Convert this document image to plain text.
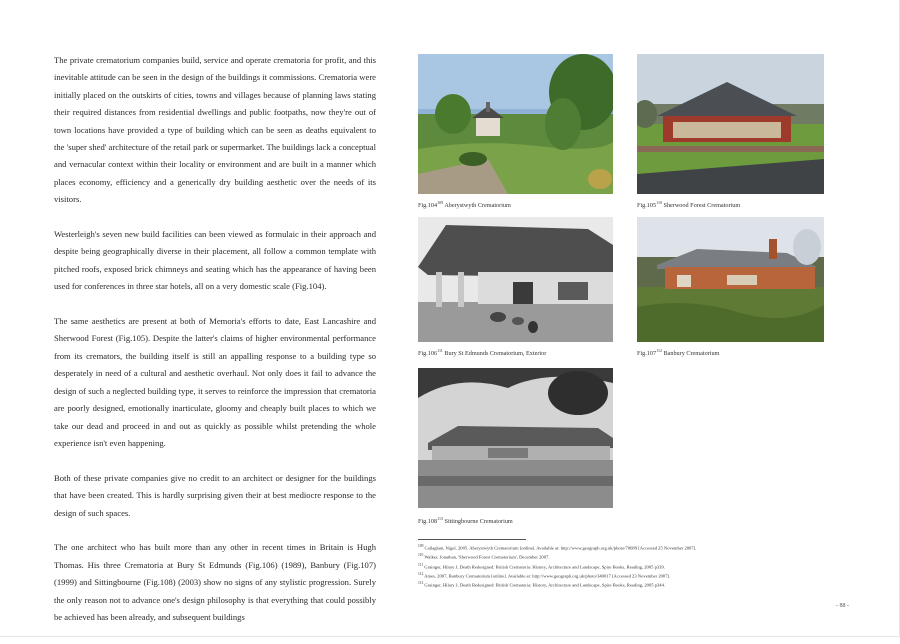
The private crematorium companies build, service and operate crematoria for profit, and this inevitable attitude can be seen in the design of the buildings it commissions. Crematoria were initially placed on the outskirts of cities, towns and villages because of planning laws stating their required distances from residential dwellings and public footpaths, now they're out of town locations have provided a type of building which can be seen as deaths equivalent to the 'super shed' architecture of the retail park or supermarket. The buildings lack a conceptual and vernacular context within their locality or environment and are built in a manner which places economy, efficiency and a generically dry building aesthetic over the needs of its visitors.

Westerleigh's seven new build facilities can been viewed as formulaic in their approach and despite being geographically diverse in their placement, all follow a common template with pitched roofs, exposed brick chimneys and seating which has the appearance of having been used for conferences in three star hotels, all on a very domestic scale (Fig.104).

The same aesthetics are present at both of Memoria's efforts to date, East Lancashire and Sherwood Forest (Fig.105). Despite the latter's claims of higher environmental performance from its cremators, the building itself is still an appalling response to a building type so desperately in need of a cultural and aesthetic overhaul. Not only does it fail to advance the design of such a neglected building type, it serves to reinforce the impression that crematoria are poorly designed, emotionally inarticulate, gloomy and cheaply built places to which we take our dead and proceed in and out as quickly as possible whilst pretending the whole experience isn't even happening.

Both of these private companies give no credit to an architect or designer for the buildings that have been created. This is hardly surprising given their at best mediocre response to the design of such spaces.

The one architect who has built more than any other in recent times in Britain is Hugh Thomas. His three Crematoria at Bury St Edmunds (Fig.106) (1989), Banbury (Fig.107) (1999) and Sittingbourne (Fig.108) (2003) show no signs of any stylistic progression. Surely the only reason not to advance one's design philosophy is that everything that could possibly be achieved has been already, and subsequent buildings

Fig.104$^{109}$ Aberystwyth Crematorium	Fig.105$^{110}$ Sherwood Forest Crematorium
Fig.106$^{111}$ Bury St Edmunds Crematorium, Exterior	Fig.107$^{112}$ Banbury Crematorium
Fig.108$^{113}$ Sittingbourne Crematorium
$^{109}$ Callaghan, Nigel, 2005. Aberystwyth Crematorium [online]. Available at: http://www.geograph.org.uk/photo/70689 [Accessed 25 November 2007].
$^{110}$ Walker, Jonathan, 'Sherwood Forest Crematorium', December 2007.
$^{111}$ Grainger, Hilary J, Death Redesigned: British Crematoria: History, Architecture and Landscape, Spire Books, Reading, 2005 p339.
$^{112}$ Ames, 2007, Banbury Crematorium [online]. Available at: http://www.geograph.org.uk/photo/340017 [Accessed 23 November 2007].
$^{113}$ Grainger, Hilary J, Death Redesigned: British Crematoria: History, Architecture and Landscape, Spire Books, Reading, 2005 p344.
- 88 -
